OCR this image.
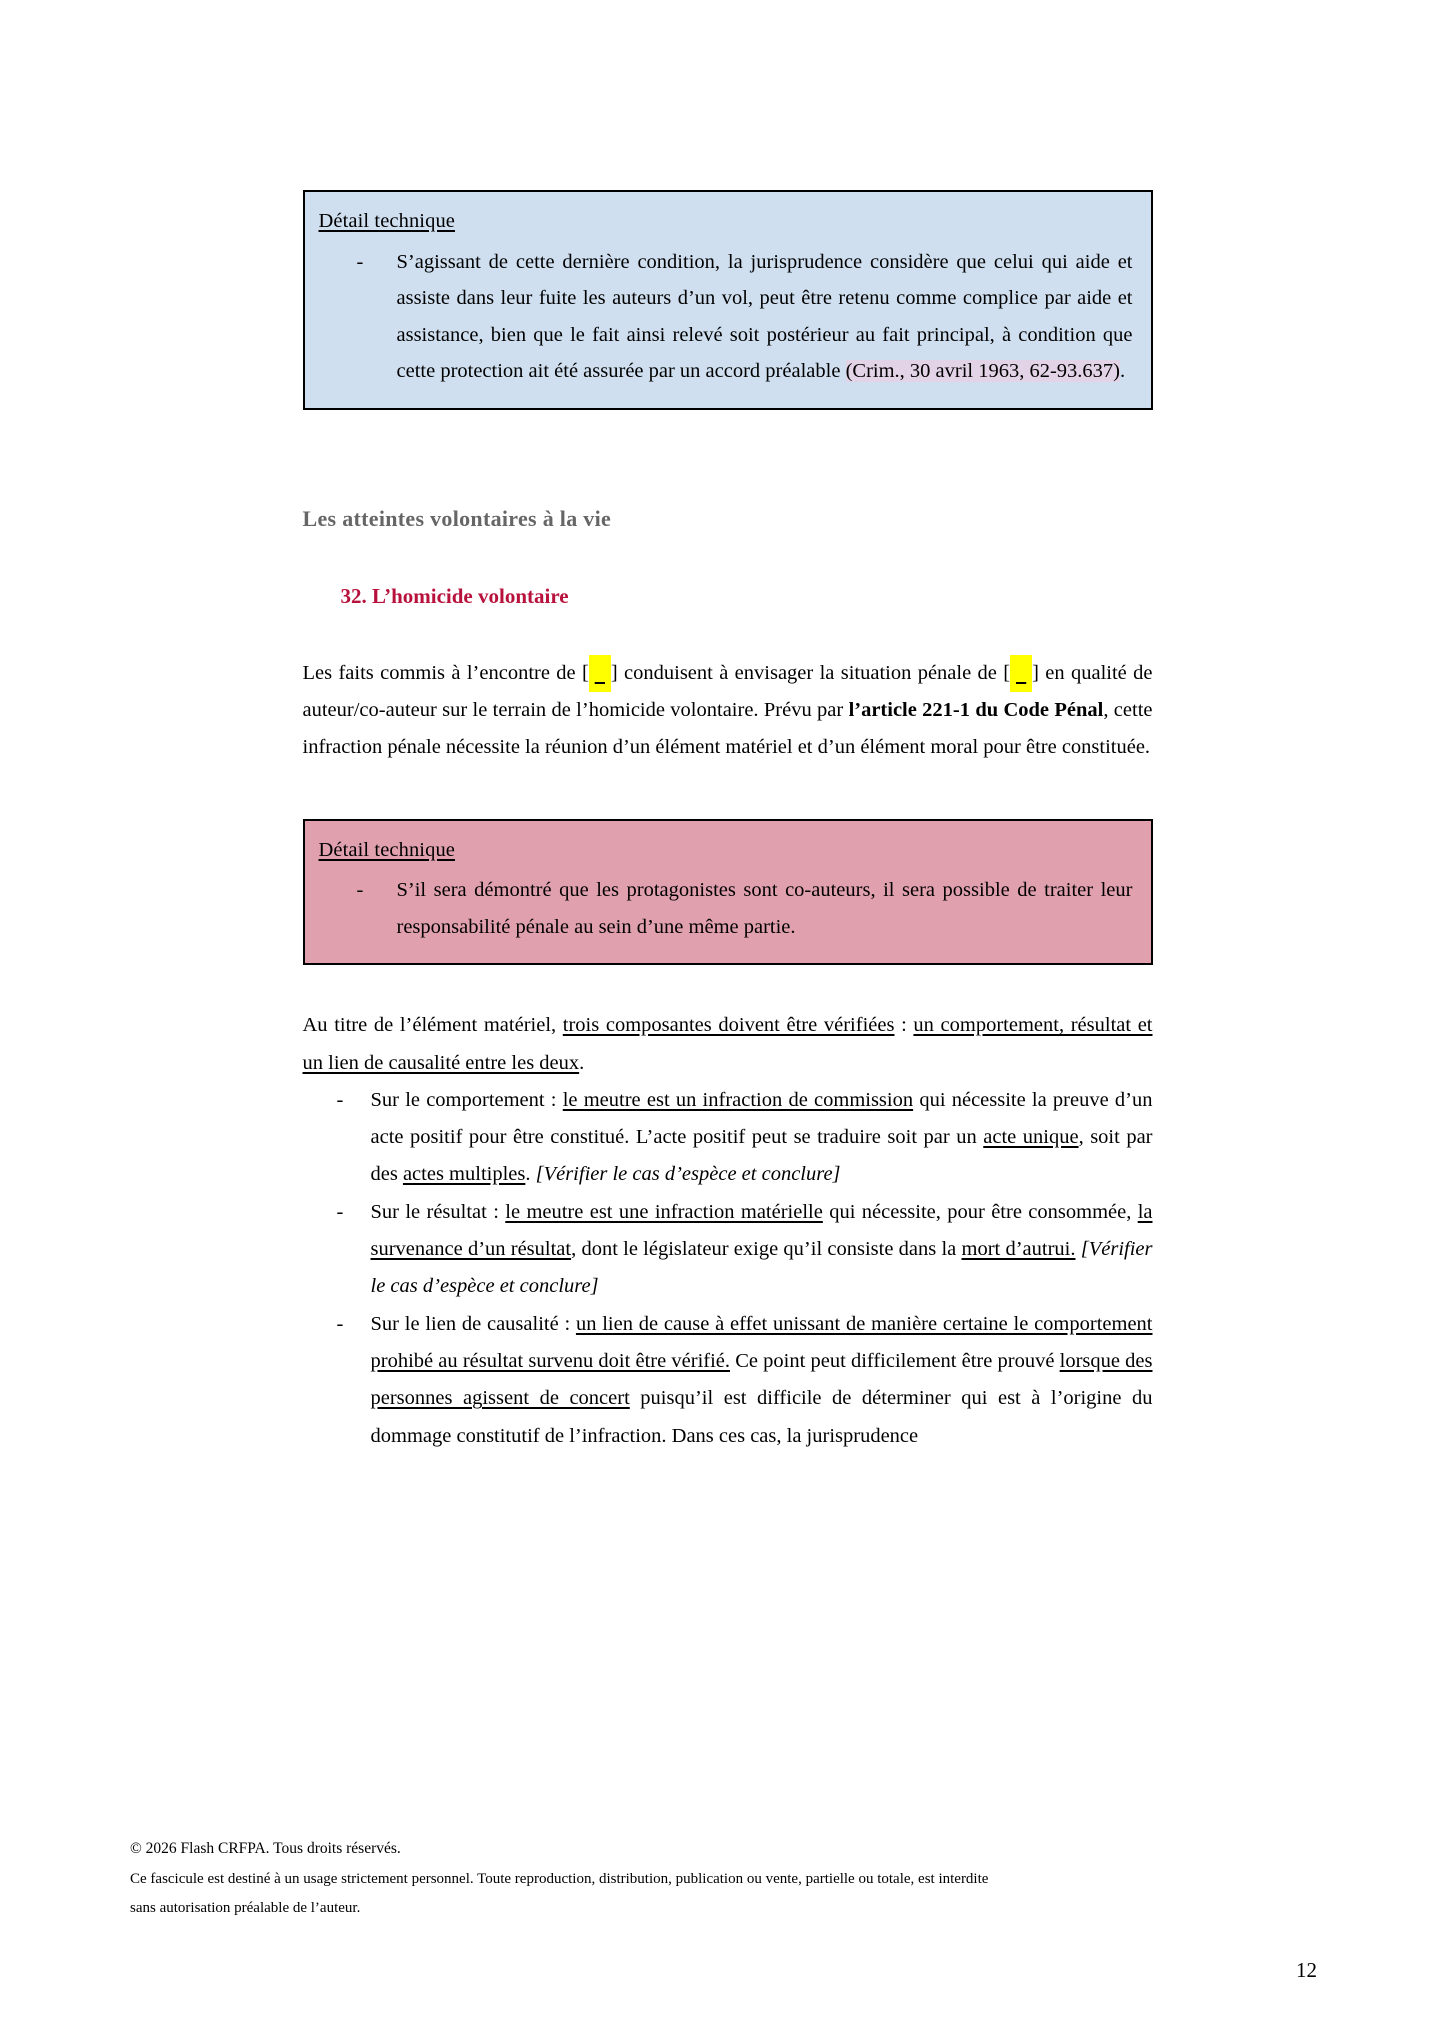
Détail technique
- S’agissant de cette dernière condition, la jurisprudence considère que celui qui aide et assiste dans leur fuite les auteurs d’un vol, peut être retenu comme complice par aide et assistance, bien que le fait ainsi relevé soit postérieur au fait principal, à condition que cette protection ait été assurée par un accord préalable (Crim., 30 avril 1963, 62-93.637).
Les atteintes volontaires à la vie
32. L’homicide volontaire

Les faits commis à l’encontre de [ ] conduisent à envisager la situation pénale de [ ] en qualité de auteur/co-auteur sur le terrain de l’homicide volontaire. Prévu par l’article 221-1 du Code Pénal, cette infraction pénale nécessite la réunion d’un élément matériel et d’un élément moral pour être constituée.

Détail technique
- S’il sera démontré que les protagonistes sont co-auteurs, il sera possible de traiter leur responsabilité pénale au sein d’une même partie.

Au titre de l’élément matériel, trois composantes doivent être vérifiées : un comportement, résultat et un lien de causalité entre les deux.

- Sur le comportement : le meutre est un infraction de commission qui nécessite la preuve d’un acte positif pour être constitué. L’acte positif peut se traduire soit par un acte unique, soit par des actes multiples. [Vérifier le cas d’espèce et conclure]
- Sur le résultat : le meutre est une infraction matérielle qui nécessite, pour être consommée, la survenance d’un résultat, dont le législateur exige qu’il consiste dans la mort d’autrui. [Vérifier le cas d’espèce et conclure]
- Sur le lien de causalité : un lien de cause à effet unissant de manière certaine le comportement prohibé au résultat survenu doit être vérifié. Ce point peut difficilement être prouvé lorsque des personnes agissent de concert puisqu’il est difficile de déterminer qui est à l’origine du dommage constitutif de l’infraction. Dans ces cas, la jurisprudence
© 2026 Flash CRFPA. Tous droits réservés.
Ce fascicule est destiné à un usage strictement personnel. Toute reproduction, distribution, publication ou vente, partielle ou totale, est interdite sans autorisation préalable de l’auteur.
12
